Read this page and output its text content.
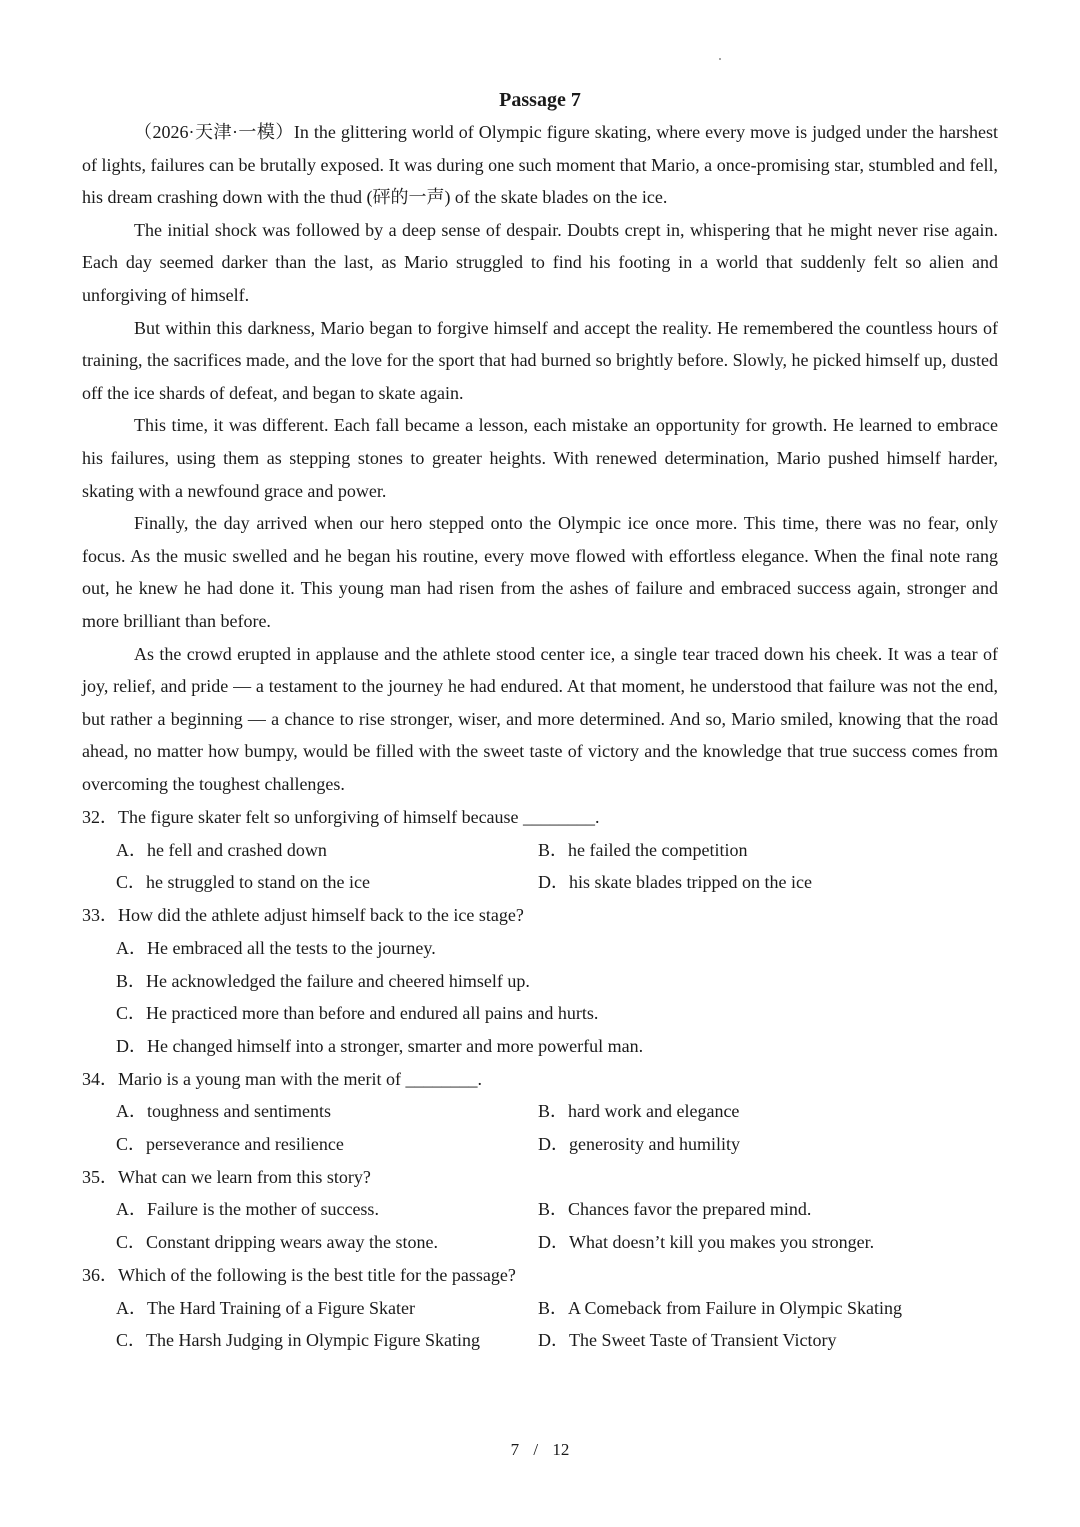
Passage 7

（2026·天津·一模）In the glittering world of Olympic figure skating, where every move is judged under the harshest of lights, failures can be brutally exposed. It was during one such moment that Mario, a once-promising star, stumbled and fell, his dream crashing down with the thud (砰的一声) of the skate blades on the ice.

The initial shock was followed by a deep sense of despair. Doubts crept in, whispering that he might never rise again. Each day seemed darker than the last, as Mario struggled to find his footing in a world that suddenly felt so alien and unforgiving of himself.

But within this darkness, Mario began to forgive himself and accept the reality. He remembered the countless hours of training, the sacrifices made, and the love for the sport that had burned so brightly before. Slowly, he picked himself up, dusted off the ice shards of defeat, and began to skate again.

This time, it was different. Each fall became a lesson, each mistake an opportunity for growth. He learned to embrace his failures, using them as stepping stones to greater heights. With renewed determination, Mario pushed himself harder, skating with a newfound grace and power.

Finally, the day arrived when our hero stepped onto the Olympic ice once more. This time, there was no fear, only focus. As the music swelled and he began his routine, every move flowed with effortless elegance. When the final note rang out, he knew he had done it. This young man had risen from the ashes of failure and embraced success again, stronger and more brilliant than before.

As the crowd erupted in applause and the athlete stood center ice, a single tear traced down his cheek. It was a tear of joy, relief, and pride — a testament to the journey he had endured. At that moment, he understood that failure was not the end, but rather a beginning — a chance to rise stronger, wiser, and more determined. And so, Mario smiled, knowing that the road ahead, no matter how bumpy, would be filled with the sweet taste of victory and the knowledge that true success comes from overcoming the toughest challenges.

32．The figure skater felt so unforgiving of himself because ________.
A．he fell and crashed down	B．he failed the competition
C．he struggled to stand on the ice	D．his skate blades tripped on the ice
33．How did the athlete adjust himself back to the ice stage?
A．He embraced all the tests to the journey.
B．He acknowledged the failure and cheered himself up.
C．He practiced more than before and endured all pains and hurts.
D．He changed himself into a stronger, smarter and more powerful man.
34．Mario is a young man with the merit of ________.
A．toughness and sentiments	B．hard work and elegance
C．perseverance and resilience	D．generosity and humility
35．What can we learn from this story?
A．Failure is the mother of success.	B．Chances favor the prepared mind.
C．Constant dripping wears away the stone.	D．What doesn’t kill you makes you stronger.
36．Which of the following is the best title for the passage?
A．The Hard Training of a Figure Skater	B．A Comeback from Failure in Olympic Skating
C．The Harsh Judging in Olympic Figure Skating	D．The Sweet Taste of Transient Victory
7 / 12
